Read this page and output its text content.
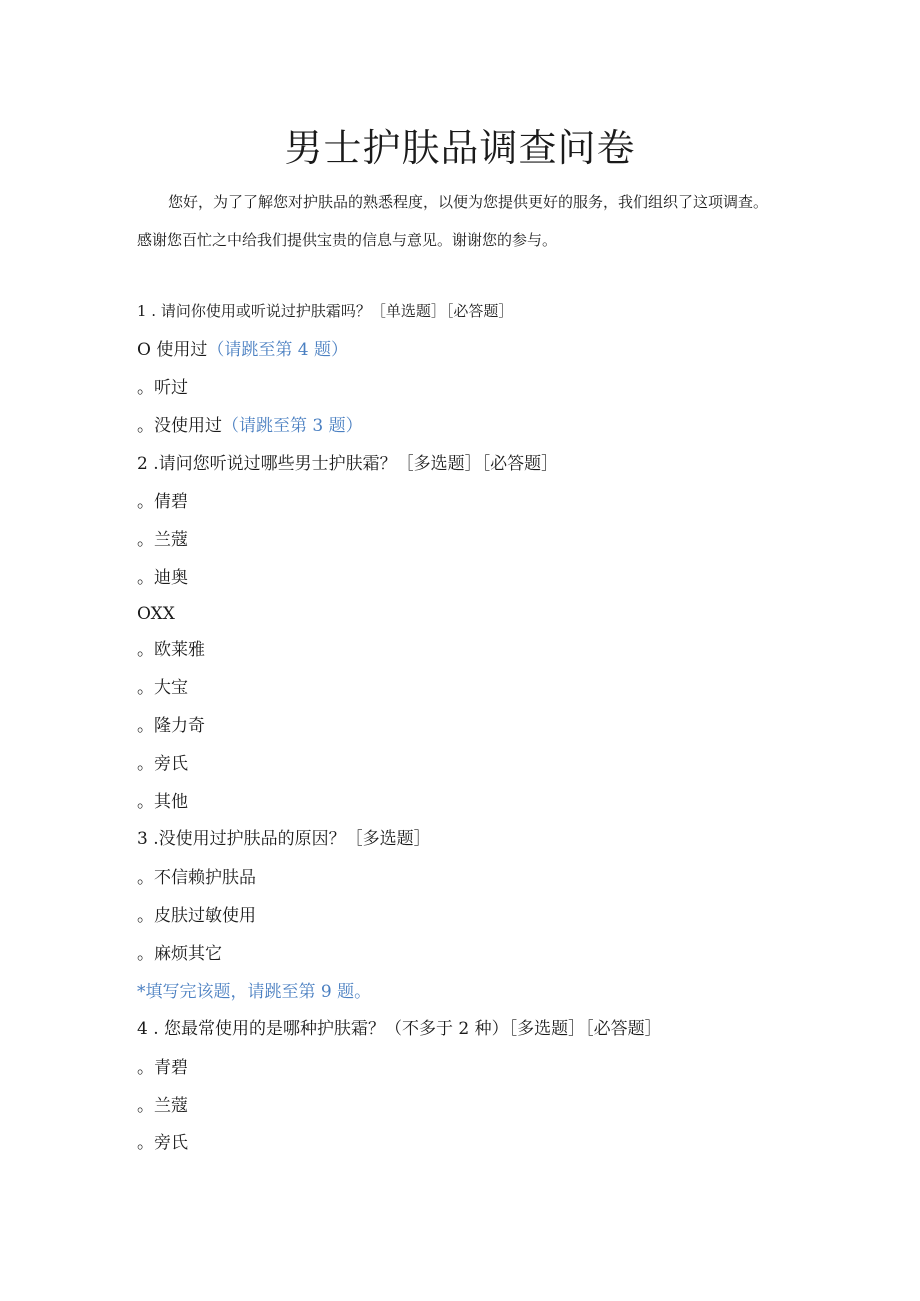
男士护肤品调查问卷
您好，为了了解您对护肤品的熟悉程度，以便为您提供更好的服务，我们组织了这项调查。
感谢您百忙之中给我们提供宝贵的信息与意见。谢谢您的参与。
1 . 请问你使用或听说过护肤霜吗？［单选题］［必答题］
O 使用过（请跳至第 4 题）
。听过
。没使用过（请跳至第 3 题）
2 .请问您听说过哪些男士护肤霜？［多选题］［必答题］
。倩碧
。兰蔻
。迪奥
OXX
。欧莱雅
。大宝
。隆力奇
。旁氏
。其他
3 .没使用过护肤品的原因？［多选题］
。不信赖护肤品
。皮肤过敏使用
。麻烦其它
*填写完该题，请跳至第 9 题。
4 . 您最常使用的是哪种护肤霜？（不多于 2 种）［多选题］［必答题］
。青碧
。兰蔻
。旁氏
